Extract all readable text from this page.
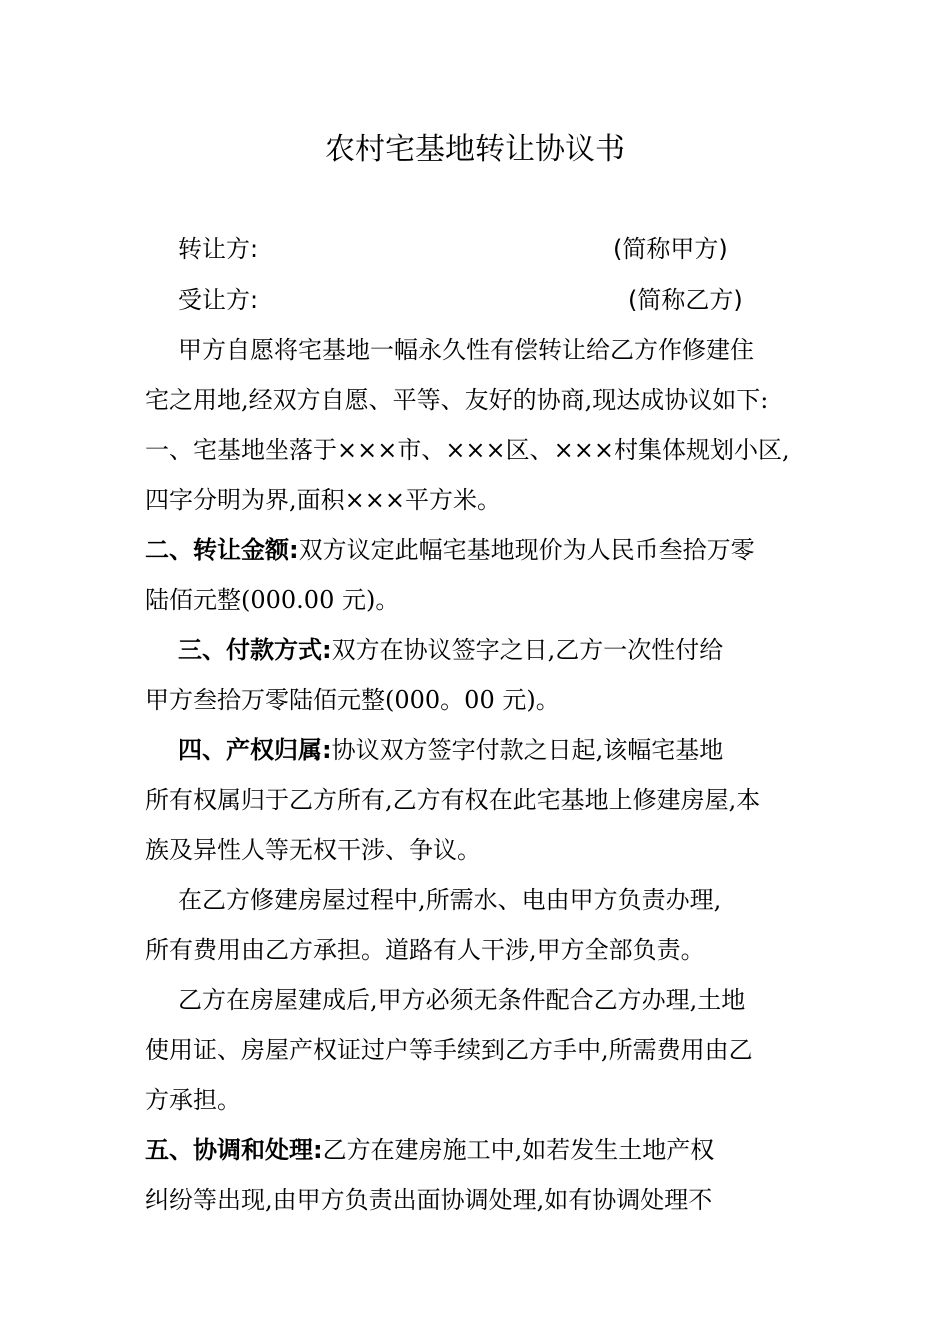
农村宅基地转让协议书

转让方:	(简称甲方)

受让方:	(简称乙方)

甲方自愿将宅基地一幅永久性有偿转让给乙方作修建住

宅之用地,经双方自愿、平等、友好的协商,现达成协议如下:

一、宅基地坐落于×××市、×××区、×××村集体规划小区,

四字分明为界,面积×××平方米。

二、转让金额:双方议定此幅宅基地现价为人民币叁拾万零

陆佰元整(000.00 元)。

三、付款方式:双方在协议签字之日,乙方一次性付给

甲方叁拾万零陆佰元整(000。00 元)。

四、产权归属:协议双方签字付款之日起,该幅宅基地

所有权属归于乙方所有,乙方有权在此宅基地上修建房屋,本

族及异性人等无权干涉、争议。

在乙方修建房屋过程中,所需水、电由甲方负责办理,

所有费用由乙方承担。道路有人干涉,甲方全部负责。

乙方在房屋建成后,甲方必须无条件配合乙方办理,土地

使用证、房屋产权证过户等手续到乙方手中,所需费用由乙

方承担。

五、协调和处理:乙方在建房施工中,如若发生土地产权

纠纷等出现,由甲方负责出面协调处理,如有协调处理不
